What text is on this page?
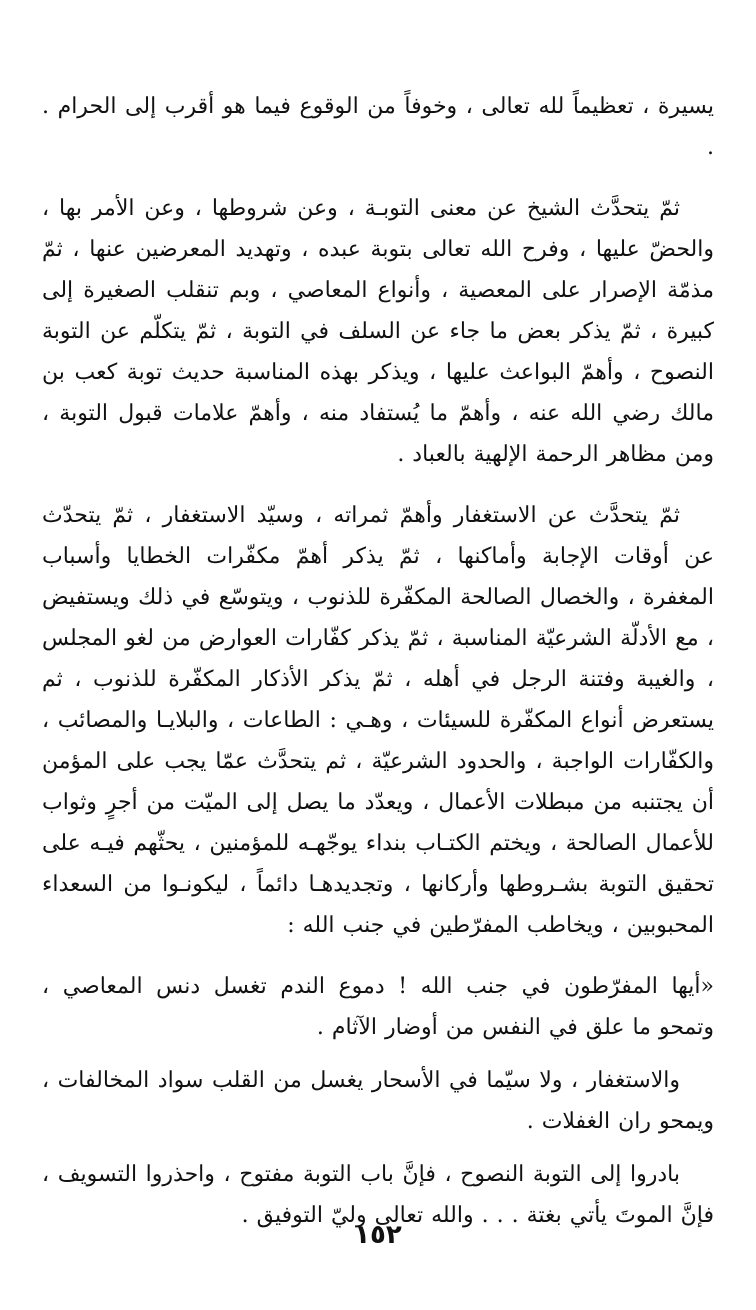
يسيرة ، تعظيماً لله تعالى ، وخوفاً من الوقوع فيما هو أقرب إلى الحرام . .

ثمّ يتحدَّث الشيخ عن معنى التوبـة ، وعن شروطها ، وعن الأمر بها ، والحضّ عليها ، وفرح الله تعالى بتوبة عبده ، وتهديد المعرضين عنها ، ثمّ مذمّة الإصرار على المعصية ، وأنواع المعاصي ، وبم تنقلب الصغيرة إلى كبيرة ، ثمّ يذكر بعض ما جاء عن السلف في التوبة ، ثمّ يتكلّم عن التوبة النصوح ، وأهمّ البواعث عليها ، ويذكر بهذه المناسبة حديث توبة كعب بن مالك رضي الله عنه ، وأهمّ ما يُستفاد منه ، وأهمّ علامات قبول التوبة ، ومن مظاهر الرحمة الإلهية بالعباد .

ثمّ يتحدَّث عن الاستغفار وأهمّ ثمراته ، وسيّد الاستغفار ، ثمّ يتحدّث عن أوقات الإجابة وأماكنها ، ثمّ يذكر أهمّ مكفّرات الخطايا وأسباب المغفرة ، والخصال الصالحة المكفّرة للذنوب ، ويتوسّع في ذلك ويستفيض ، مع الأدلّة الشرعيّة المناسبة ، ثمّ يذكر كفّارات العوارض من لغو المجلس ، والغيبة وفتنة الرجل في أهله ، ثمّ يذكر الأذكار المكفّرة للذنوب ، ثم يستعرض أنواع المكفّرة للسيئات ، وهـي : الطاعات ، والبلايـا والمصائب ، والكفّارات الواجبة ، والحدود الشرعيّة ، ثم يتحدَّث عمّا يجب على المؤمن أن يجتنبه من مبطلات الأعمال ، ويعدّد ما يصل إلى الميّت من أجرٍ وثواب للأعمال الصالحة ، ويختم الكتـاب بنداء يوجّهـه للمؤمنين ، يحثّهم فيـه على تحقيق التوبة بشـروطها وأركانها ، وتجديدهـا دائماً ، ليكونـوا من السعداء المحبوبين ، ويخاطب المفرّطين في جنب الله :

«أيها المفرّطون في جنب الله ! دموع الندم تغسل دنس المعاصي ، وتمحو ما علق في النفس من أوضار الآثام .

والاستغفار ، ولا سيّما في الأسحار يغسل من القلب سواد المخالفات ، ويمحو ران الغفلات .

بادروا إلى التوبة النصوح ، فإنَّ باب التوبة مفتوح ، واحذروا التسويف ، فإنَّ الموتَ يأتي بغتة . . . والله تعالى وليّ التوفيق .

١٥٢
